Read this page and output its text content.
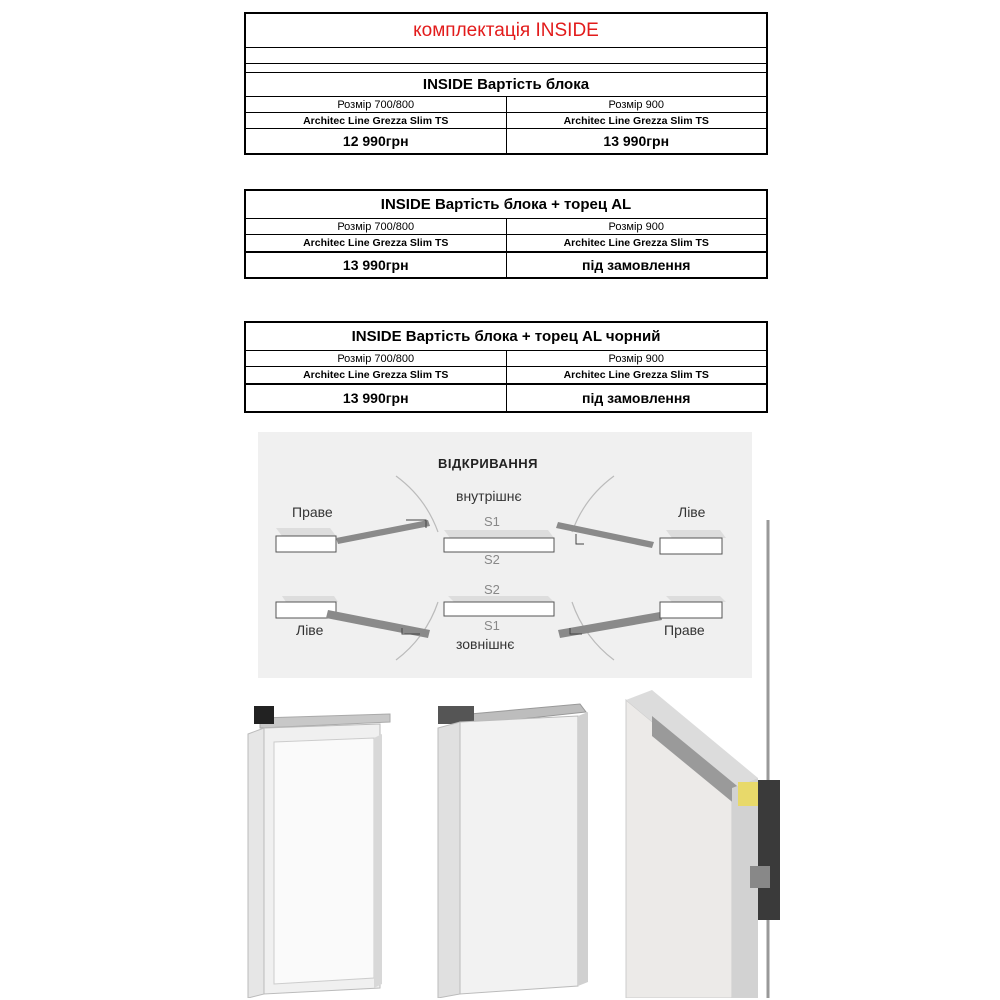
комплектація INSIDE
INSIDE Вартість блока
Розмір 700/800	Розмір 900
Architec Line Grezza Slim TS	Architec Line Grezza Slim TS
12 990грн	13 990грн
INSIDE Вартість блока + торец AL
Розмір 700/800	Розмір 900
Architec Line Grezza Slim TS	Architec Line Grezza Slim TS
13 990грн	під замовлення
INSIDE Вартість блока + торец AL чорний
Розмір 700/800	Розмір 900
Architec Line Grezza Slim TS	Architec Line Grezza Slim TS
13 990грн	під замовлення
ВІДКРИВАННЯ
внутрішнє
S1
Праве	Ліве
S2
S2
Ліве	Праве
S1
зовнішнє
